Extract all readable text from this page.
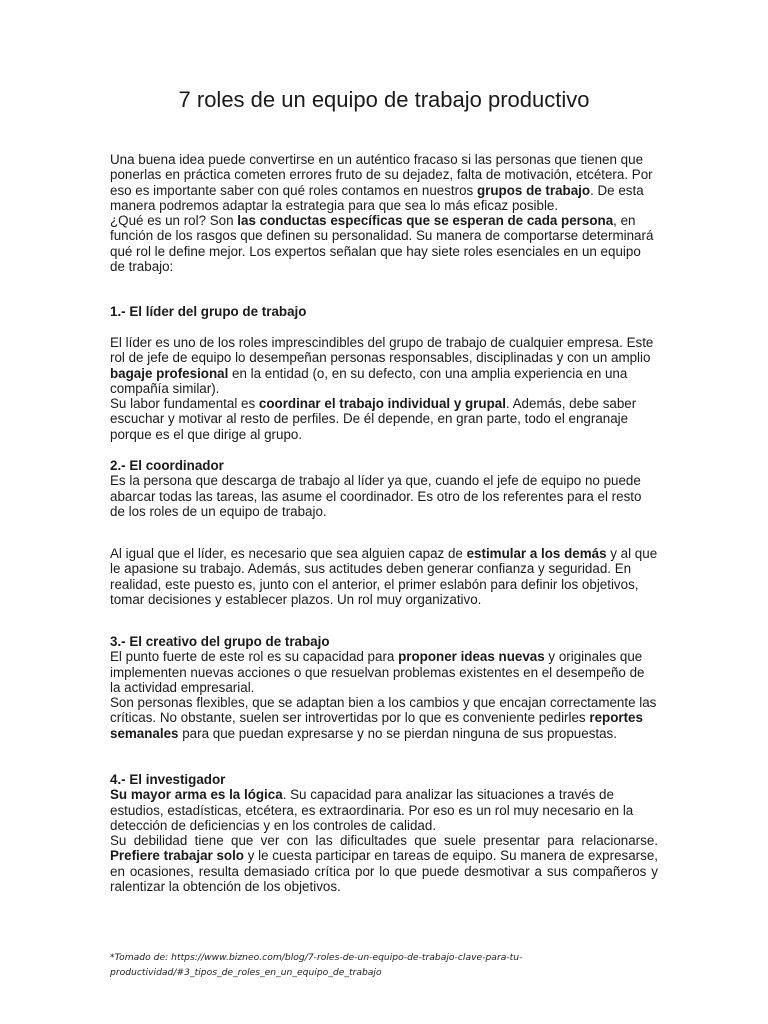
7 roles de un equipo de trabajo productivo
Una buena idea puede convertirse en un auténtico fracaso si las personas que tienen que ponerlas en práctica cometen errores fruto de su dejadez, falta de motivación, etcétera. Por eso es importante saber con qué roles contamos en nuestros grupos de trabajo. De esta manera podremos adaptar la estrategia para que sea lo más eficaz posible.
¿Qué es un rol? Son las conductas específicas que se esperan de cada persona, en función de los rasgos que definen su personalidad. Su manera de comportarse determinará qué rol le define mejor. Los expertos señalan que hay siete roles esenciales en un equipo de trabajo:
1.- El líder del grupo de trabajo
El líder es uno de los roles imprescindibles del grupo de trabajo de cualquier empresa. Este rol de jefe de equipo lo desempeñan personas responsables, disciplinadas y con un amplio bagaje profesional en la entidad (o, en su defecto, con una amplia experiencia en una compañía similar).
Su labor fundamental es coordinar el trabajo individual y grupal. Además, debe saber escuchar y motivar al resto de perfiles. De él depende, en gran parte, todo el engranaje porque es el que dirige al grupo.
2.- El coordinador
Es la persona que descarga de trabajo al líder ya que, cuando el jefe de equipo no puede abarcar todas las tareas, las asume el coordinador. Es otro de los referentes para el resto de los roles de un equipo de trabajo.
Al igual que el líder, es necesario que sea alguien capaz de estimular a los demás y al que le apasione su trabajo. Además, sus actitudes deben generar confianza y seguridad. En realidad, este puesto es, junto con el anterior, el primer eslabón para definir los objetivos, tomar decisiones y establecer plazos. Un rol muy organizativo.
3.- El creativo del grupo de trabajo
El punto fuerte de este rol es su capacidad para proponer ideas nuevas y originales que implementen nuevas acciones o que resuelvan problemas existentes en el desempeño de la actividad empresarial.
Son personas flexibles, que se adaptan bien a los cambios y que encajan correctamente las críticas. No obstante, suelen ser introvertidas por lo que es conveniente pedirles reportes semanales para que puedan expresarse y no se pierdan ninguna de sus propuestas.
4.- El investigador
Su mayor arma es la lógica. Su capacidad para analizar las situaciones a través de estudios, estadísticas, etcétera, es extraordinaria. Por eso es un rol muy necesario en la detección de deficiencias y en los controles de calidad.
Su debilidad tiene que ver con las dificultades que suele presentar para relacionarse. Prefiere trabajar solo y le cuesta participar en tareas de equipo. Su manera de expresarse, en ocasiones, resulta demasiado crítica por lo que puede desmotivar a sus compañeros y ralentizar la obtención de los objetivos.
*Tomado de: https://www.bizneo.com/blog/7-roles-de-un-equipo-de-trabajo-clave-para-tu-productividad/#3_tipos_de_roles_en_un_equipo_de_trabajo
